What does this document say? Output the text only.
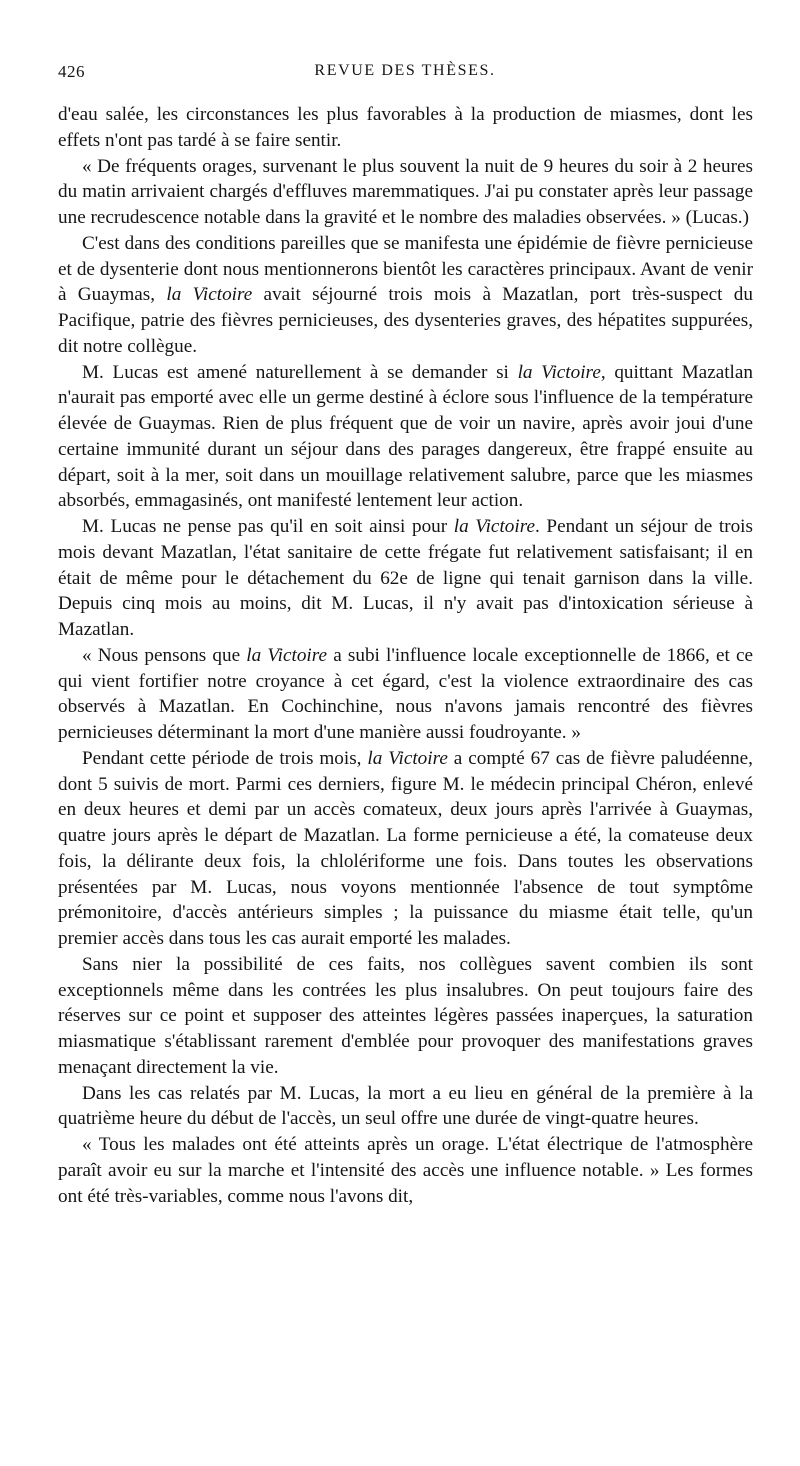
426	REVUE DES THÈSES.

d'eau salée, les circonstances les plus favorables à la production de miasmes, dont les effets n'ont pas tardé à se faire sentir.

« De fréquents orages, survenant le plus souvent la nuit de 9 heures du soir à 2 heures du matin arrivaient chargés d'effluves maremmatiques. J'ai pu constater après leur passage une recrudescence notable dans la gravité et le nombre des maladies observées. » (Lucas.)

C'est dans des conditions pareilles que se manifesta une épidémie de fièvre pernicieuse et de dysenterie dont nous mentionnerons bientôt les caractères principaux. Avant de venir à Guaymas, la Victoire avait séjourné trois mois à Mazatlan, port très-suspect du Pacifique, patrie des fièvres pernicieuses, des dysenteries graves, des hépatites suppurées, dit notre collègue.

M. Lucas est amené naturellement à se demander si la Victoire, quittant Mazatlan n'aurait pas emporté avec elle un germe destiné à éclore sous l'influence de la température élevée de Guaymas. Rien de plus fréquent que de voir un navire, après avoir joui d'une certaine immunité durant un séjour dans des parages dangereux, être frappé ensuite au départ, soit à la mer, soit dans un mouillage relativement salubre, parce que les miasmes absorbés, emmagasinés, ont manifesté lentement leur action.

M. Lucas ne pense pas qu'il en soit ainsi pour la Victoire. Pendant un séjour de trois mois devant Mazatlan, l'état sanitaire de cette frégate fut relativement satisfaisant; il en était de même pour le détachement du 62e de ligne qui tenait garnison dans la ville. Depuis cinq mois au moins, dit M. Lucas, il n'y avait pas d'intoxication sérieuse à Mazatlan.

« Nous pensons que la Victoire a subi l'influence locale exceptionnelle de 1866, et ce qui vient fortifier notre croyance à cet égard, c'est la violence extraordinaire des cas observés à Mazatlan. En Cochinchine, nous n'avons jamais rencontré des fièvres pernicieuses déterminant la mort d'une manière aussi foudroyante. »

Pendant cette période de trois mois, la Victoire a compté 67 cas de fièvre paludéenne, dont 5 suivis de mort. Parmi ces derniers, figure M. le médecin principal Chéron, enlevé en deux heures et demi par un accès comateux, deux jours après l'arrivée à Guaymas, quatre jours après le départ de Mazatlan. La forme pernicieuse a été, la comateuse deux fois, la délirante deux fois, la chlolériforme une fois. Dans toutes les observations présentées par M. Lucas, nous voyons mentionnée l'absence de tout symptôme prémonitoire, d'accès antérieurs simples ; la puissance du miasme était telle, qu'un premier accès dans tous les cas aurait emporté les malades.

Sans nier la possibilité de ces faits, nos collègues savent combien ils sont exceptionnels même dans les contrées les plus insalubres. On peut toujours faire des réserves sur ce point et supposer des atteintes légères passées inaperçues, la saturation miasmatique s'établissant rarement d'emblée pour provoquer des manifestations graves menaçant directement la vie.

Dans les cas relatés par M. Lucas, la mort a eu lieu en général de la première à la quatrième heure du début de l'accès, un seul offre une durée de vingt-quatre heures.

« Tous les malades ont été atteints après un orage. L'état électrique de l'atmosphère paraît avoir eu sur la marche et l'intensité des accès une influence notable. » Les formes ont été très-variables, comme nous l'avons dit,
